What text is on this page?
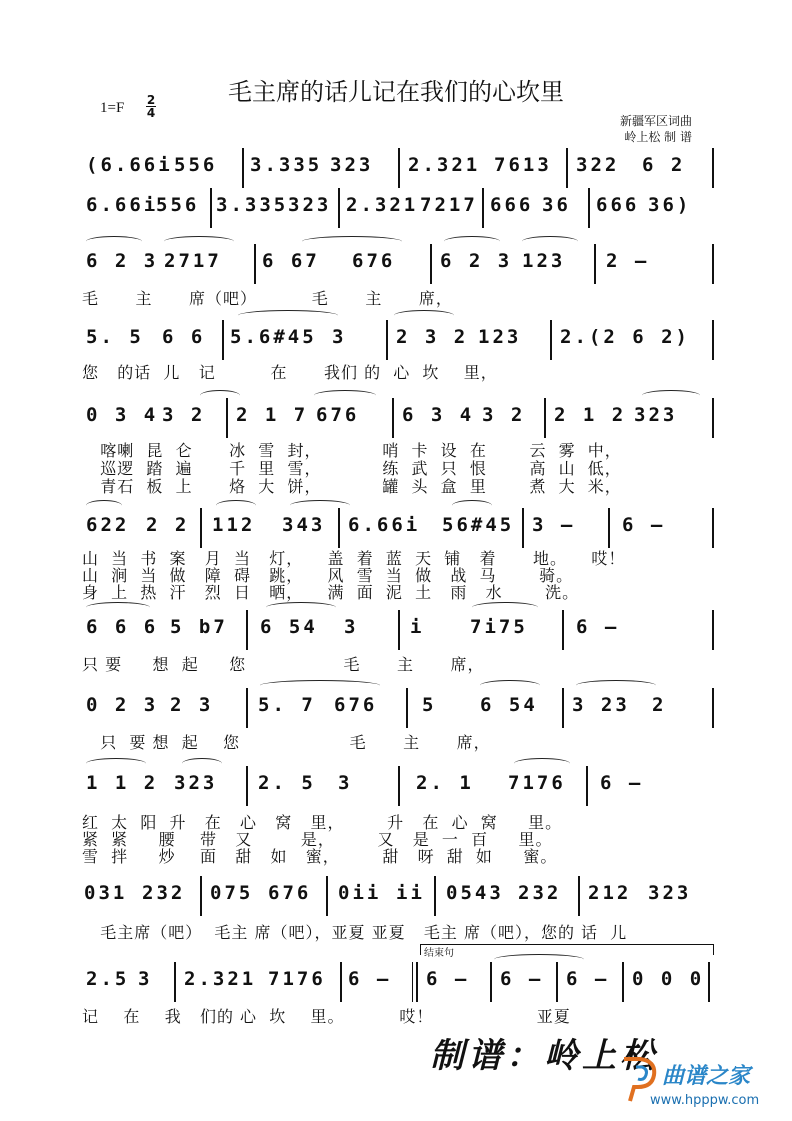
毛主席的话儿记在我们的心坎里
$1=F \frac{2}{4}$
新疆军区词曲
岭上松 制 谱
(6.66i 556 3.335 323 2.321 7613 322 6 2
6.66i
556 3.335 323 2.321 7217 666 36 666 36)
6 2 3 2717 6 67 676 6 2 3 123 2 –
毛      主      席（吧）         毛      主      席，
5. 5 6 6 5.6#45 3	2 3 2 123 2.(2 6 2)
您   的话  儿   记         在      我们 的  心  坎    里，
0 3 4 3 2 2 1 7 676 6 3 4 3 2 2 1 2 323
喀喇  昆  仑      冰  雪  封，          哨  卡  设  在       云  雾  中，
巡逻  踏  遍      千  里  雪，          练  武  只  恨       高  山  低，
青石  板  上      烙  大  饼，          罐  头  盒  里       煮  大  米，
622 2 2 112 343 6.66i 56#45 3 – 6 –
山  当  书  案   月  当   灯，    盖  着  蓝  天  铺   着      地。    哎！
山  涧  当  做   障  碍   跳，    风  雪  当  做   战  马       骑。
身  上  热  汗   烈  日   晒，    满  面  泥  土   雨   水       洗。
6 6 6 5 b7 6 54 3	i 7i75	6 –
只 要     想  起     您                毛      主      席，
0 2 3 2 3 5. 7 676 5 6 54 3 23 2
只  要 想  起    您                  毛      主      席，
1 1 2 323 2. 5 3	2. 1 7176 6 –
红  太  阳  升   在   心   窝   里，       升   在  心  窝     里。
紧  紧     腰    带   又        是，       又   是  一  百     里。
雪  拌     炒    面   甜   如   蜜，       甜   呀  甜  如     蜜。
031 232 075 676 0ii ii 0543 232 212 323
毛主席（吧）  毛主 席（吧），亚夏 亚夏   毛主 席（吧），您的 话  儿
结束句
2.5 3 2.321 7176 6 – 6 – 6 – 6 – 0 0 0
记    在    我   们的 心  坎    里。         哎！                 亚夏
制谱：岭上松
曲谱之家
www.hpppw.com
